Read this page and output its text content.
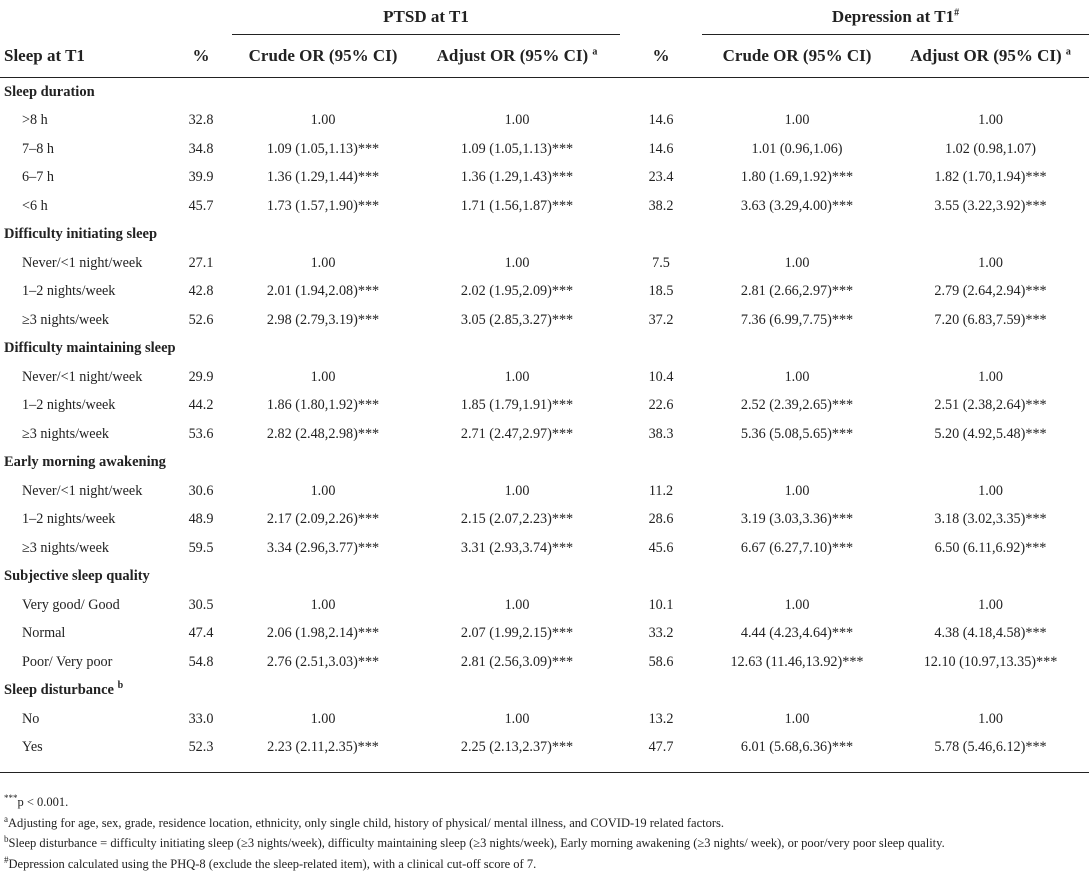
		PTSD at T1			Depression at T1#
Sleep at T1	%	Crude OR (95% CI)	Adjust OR (95% CI) $^a$	%	Crude OR (95% CI)	Adjust OR (95% CI) $^a$
Sleep duration						
>8 h	32.8	1.00	1.00	14.6	1.00	1.00
7–8 h	34.8	1.09 (1.05,1.13)***	1.09 (1.05,1.13)***	14.6	1.01 (0.96,1.06)	1.02 (0.98,1.07)
6–7 h	39.9	1.36 (1.29,1.44)***	1.36 (1.29,1.43)***	23.4	1.80 (1.69,1.92)***	1.82 (1.70,1.94)***
<6 h	45.7	1.73 (1.57,1.90)***	1.71 (1.56,1.87)***	38.2	3.63 (3.29,4.00)***	3.55 (3.22,3.92)***
Difficulty initiating sleep						
Never/<1 night/week	27.1	1.00	1.00	7.5	1.00	1.00
1–2 nights/week	42.8	2.01 (1.94,2.08)***	2.02 (1.95,2.09)***	18.5	2.81 (2.66,2.97)***	2.79 (2.64,2.94)***
≥3 nights/week	52.6	2.98 (2.79,3.19)***	3.05 (2.85,3.27)***	37.2	7.36 (6.99,7.75)***	7.20 (6.83,7.59)***
Difficulty maintaining sleep						
Never/<1 night/week	29.9	1.00	1.00	10.4	1.00	1.00
1–2 nights/week	44.2	1.86 (1.80,1.92)***	1.85 (1.79,1.91)***	22.6	2.52 (2.39,2.65)***	2.51 (2.38,2.64)***
≥3 nights/week	53.6	2.82 (2.48,2.98)***	2.71 (2.47,2.97)***	38.3	5.36 (5.08,5.65)***	5.20 (4.92,5.48)***
Early morning awakening						
Never/<1 night/week	30.6	1.00	1.00	11.2	1.00	1.00
1–2 nights/week	48.9	2.17 (2.09,2.26)***	2.15 (2.07,2.23)***	28.6	3.19 (3.03,3.36)***	3.18 (3.02,3.35)***
≥3 nights/week	59.5	3.34 (2.96,3.77)***	3.31 (2.93,3.74)***	45.6	6.67 (6.27,7.10)***	6.50 (6.11,6.92)***
Subjective sleep quality						
Very good/ Good	30.5	1.00	1.00	10.1	1.00	1.00
Normal	47.4	2.06 (1.98,2.14)***	2.07 (1.99,2.15)***	33.2	4.44 (4.23,4.64)***	4.38 (4.18,4.58)***
Poor/ Very poor	54.8	2.76 (2.51,3.03)***	2.81 (2.56,3.09)***	58.6	12.63 (11.46,13.92)***	12.10 (10.97,13.35)***
Sleep disturbance $^b$
No	33.0	1.00	1.00	13.2	1.00	1.00
Yes	52.3	2.23 (2.11,2.35)***	2.25 (2.13,2.37)***	47.7	6.01 (5.68,6.36)***	5.78 (5.46,6.12)***

***p < 0.001.
$^a$Adjusting for age, sex, grade, residence location, ethnicity, only single child, history of physical/ mental illness, and COVID-19 related factors.
$^b$Sleep disturbance = difficulty initiating sleep (≥3 nights/week), difficulty maintaining sleep (≥3 nights/week), Early morning awakening (≥3 nights/ week), or poor/very poor sleep quality.
#Depression calculated using the PHQ-8 (exclude the sleep-related item), with a clinical cut-off score of 7.
